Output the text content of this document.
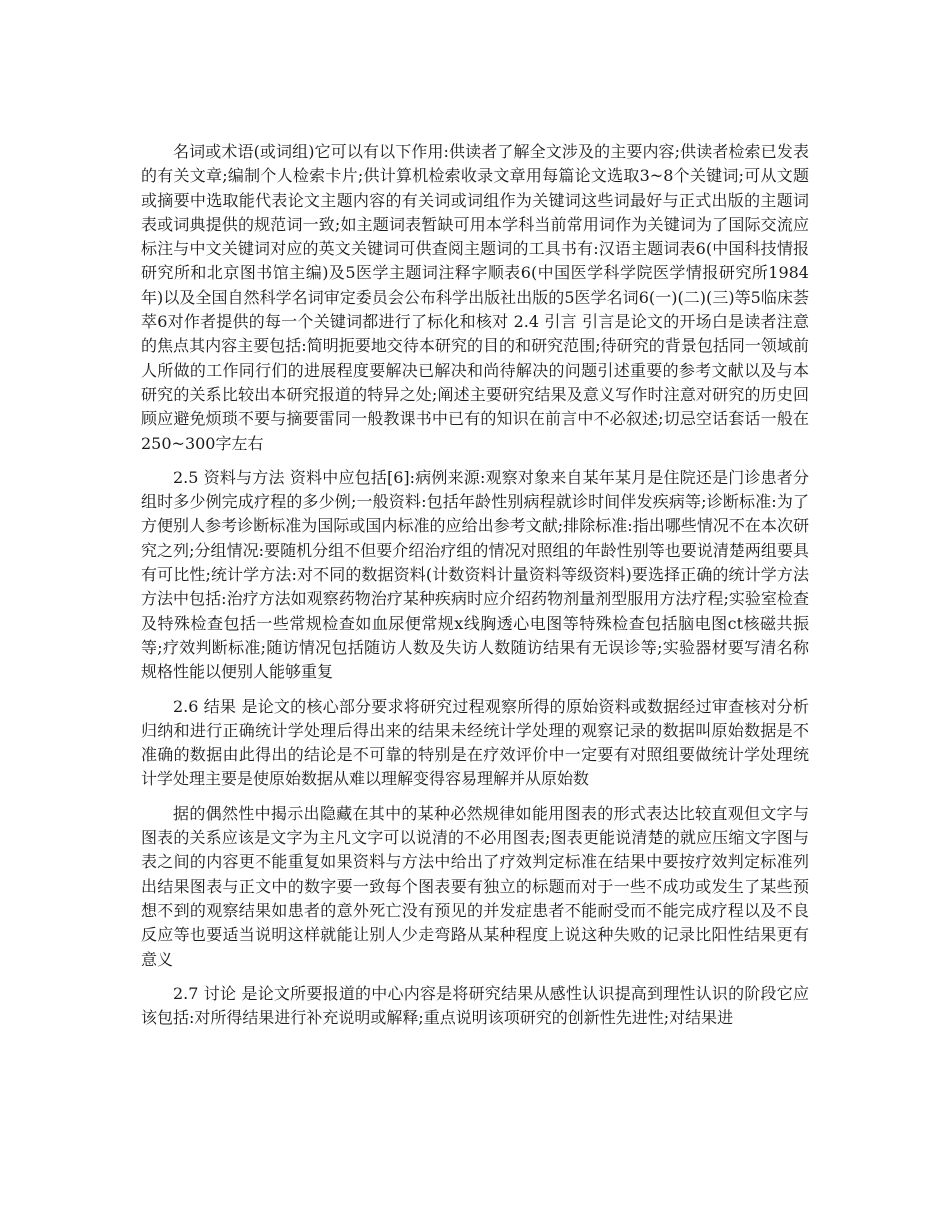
名词或术语(或词组)它可以有以下作用:供读者了解全文涉及的主要内容;供读者检索已发表的有关文章;编制个人检索卡片;供计算机检索收录文章用每篇论文选取3~8个关键词;可从文题或摘要中选取能代表论文主题内容的有关词或词组作为关键词这些词最好与正式出版的主题词表或词典提供的规范词一致;如主题词表暂缺可用本学科当前常用词作为关键词为了国际交流应标注与中文关键词对应的英文关键词可供查阅主题词的工具书有:汉语主题词表6(中国科技情报研究所和北京图书馆主编)及5医学主题词注释字顺表6(中国医学科学院医学情报研究所1984年)以及全国自然科学名词审定委员会公布科学出版社出版的5医学名词6(一)(二)(三)等5临床荟萃6对作者提供的每一个关键词都进行了标化和核对 2.4 引言 引言是论文的开场白是读者注意的焦点其内容主要包括:简明扼要地交待本研究的目的和研究范围;待研究的背景包括同一领域前人所做的工作同行们的进展程度要解决已解决和尚待解决的问题引述重要的参考文献以及与本研究的关系比较出本研究报道的特异之处;阐述主要研究结果及意义写作时注意对研究的历史回顾应避免烦琐不要与摘要雷同一般教课书中已有的知识在前言中不必叙述;切忌空话套话一般在250~300字左右

2.5 资料与方法 资料中应包括[6]:病例来源:观察对象来自某年某月是住院还是门诊患者分组时多少例完成疗程的多少例;一般资料:包括年龄性别病程就诊时间伴发疾病等;诊断标准:为了方便别人参考诊断标准为国际或国内标准的应给出参考文献;排除标准:指出哪些情况不在本次研究之列;分组情况:要随机分组不但要介绍治疗组的情况对照组的年龄性别等也要说清楚两组要具有可比性;统计学方法:对不同的数据资料(计数资料计量资料等级资料)要选择正确的统计学方法方法中包括:治疗方法如观察药物治疗某种疾病时应介绍药物剂量剂型服用方法疗程;实验室检查及特殊检查包括一些常规检查如血尿便常规x线胸透心电图等特殊检查包括脑电图ct核磁共振等;疗效判断标准;随访情况包括随访人数及失访人数随访结果有无误诊等;实验器材要写清名称规格性能以便别人能够重复

2.6 结果 是论文的核心部分要求将研究过程观察所得的原始资料或数据经过审查核对分析归纳和进行正确统计学处理后得出来的结果未经统计学处理的观察记录的数据叫原始数据是不准确的数据由此得出的结论是不可靠的特别是在疗效评价中一定要有对照组要做统计学处理统计学处理主要是使原始数据从难以理解变得容易理解并从原始数

据的偶然性中揭示出隐藏在其中的某种必然规律如能用图表的形式表达比较直观但文字与图表的关系应该是文字为主凡文字可以说清的不必用图表;图表更能说清楚的就应压缩文字图与表之间的内容更不能重复如果资料与方法中给出了疗效判定标准在结果中要按疗效判定标准列出结果图表与正文中的数字要一致每个图表要有独立的标题而对于一些不成功或发生了某些预想不到的观察结果如患者的意外死亡没有预见的并发症患者不能耐受而不能完成疗程以及不良反应等也要适当说明这样就能让别人少走弯路从某种程度上说这种失败的记录比阳性结果更有意义

2.7 讨论 是论文所要报道的中心内容是将研究结果从感性认识提高到理性认识的阶段它应该包括:对所得结果进行补充说明或解释;重点说明该项研究的创新性先进性;对结果进
